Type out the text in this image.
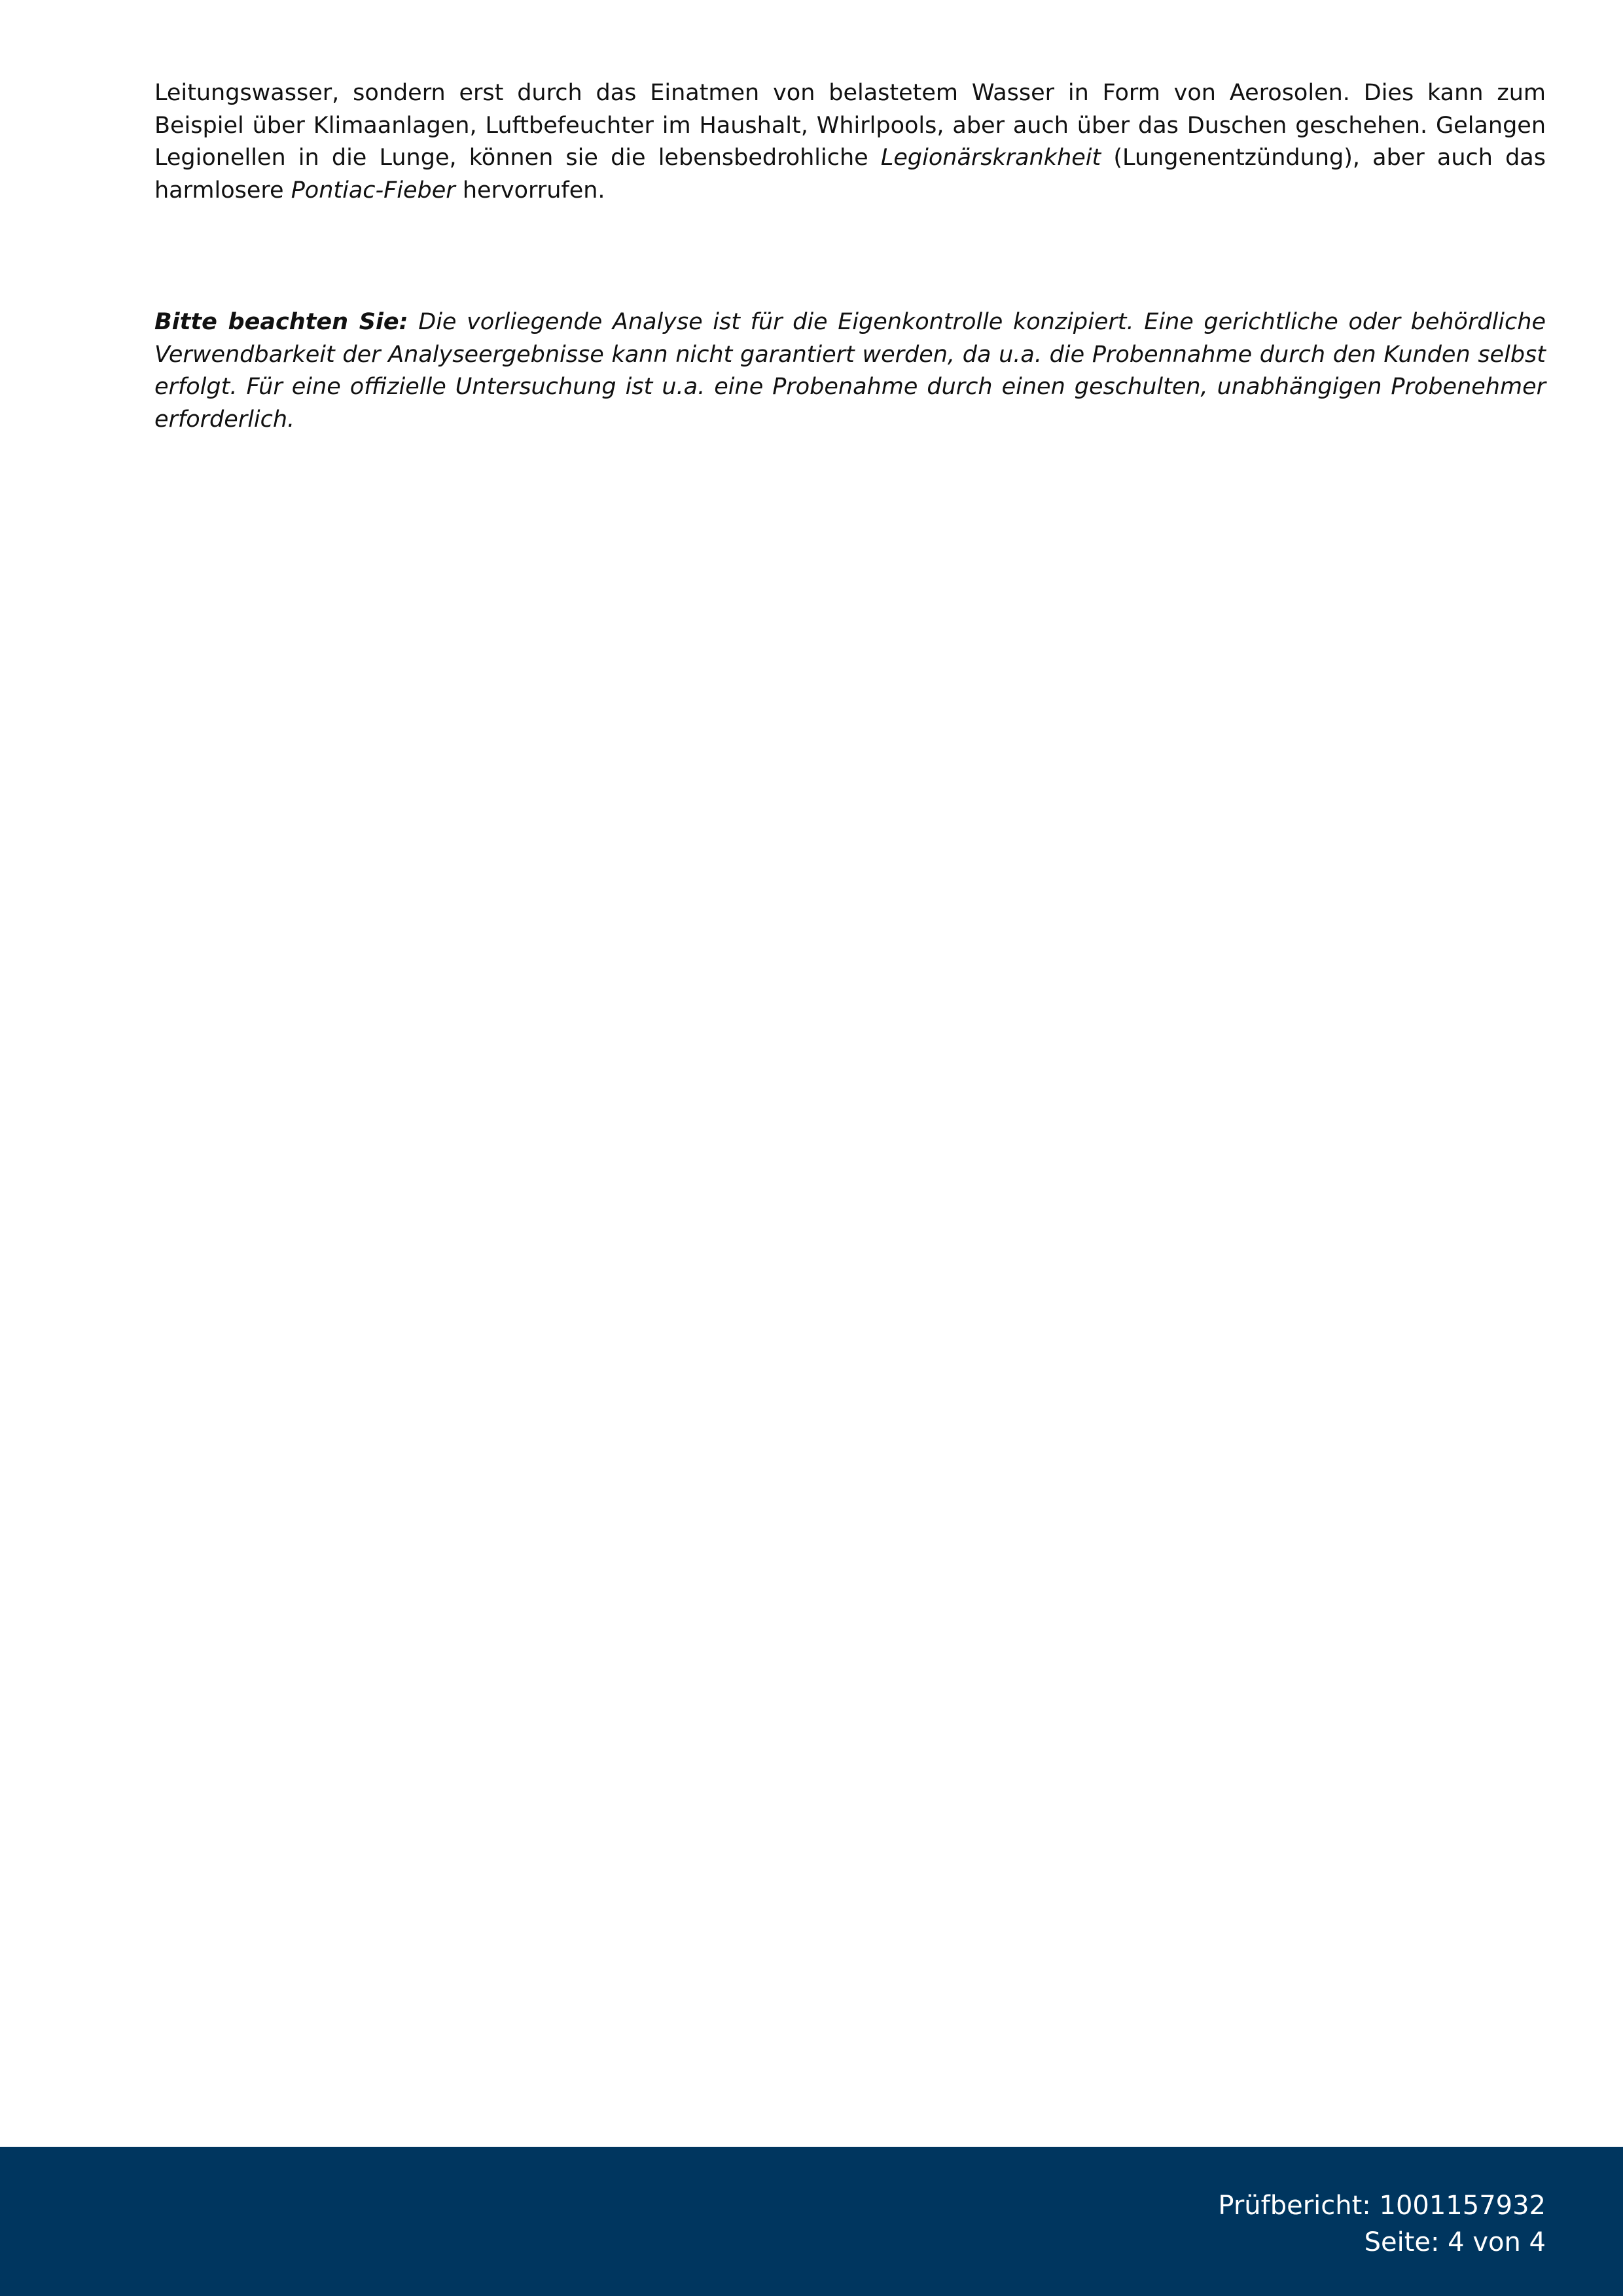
Leitungswasser, sondern erst durch das Einatmen von belastetem Wasser in Form von Aerosolen. Dies kann zum Beispiel über Klimaanlagen, Luftbefeuchter im Haushalt, Whirlpools, aber auch über das Duschen geschehen. Gelangen Legionellen in die Lunge, können sie die lebensbedrohliche Legionärskrankheit (Lungenentzündung), aber auch das harmlosere Pontiac-Fieber hervorrufen.

Bitte beachten Sie: Die vorliegende Analyse ist für die Eigenkontrolle konzipiert. Eine gerichtliche oder behördliche Verwendbarkeit der Analyseergebnisse kann nicht garantiert werden, da u.a. die Probennahme durch den Kunden selbst erfolgt. Für eine offizielle Untersuchung ist u.a. eine Probenahme durch einen geschulten, unabhängigen Probenehmer erforderlich.

Prüfbericht: 1001157932
Seite: 4 von 4
